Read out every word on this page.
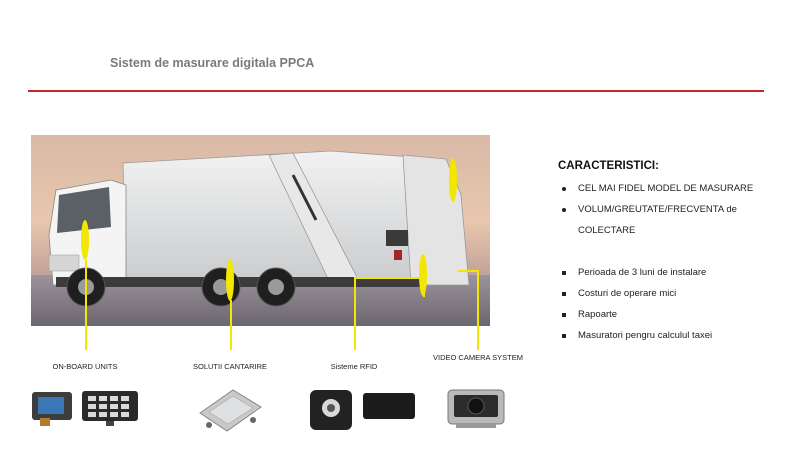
Sistem de masurare digitala PPCA
ON-BOARD UNITS	SOLUTII CANTARIRE	Sisteme RFID
VIDEO CAMERA SYSTEM
CARACTERISTICI:
CEL MAI FIDEL MODEL DE MASURARE
VOLUM/GREUTATE/FRECVENTA de
COLECTARE
Perioada de 3 luni de instalare
Costuri de operare mici
Rapoarte
Masuratori pengru calculul taxei
